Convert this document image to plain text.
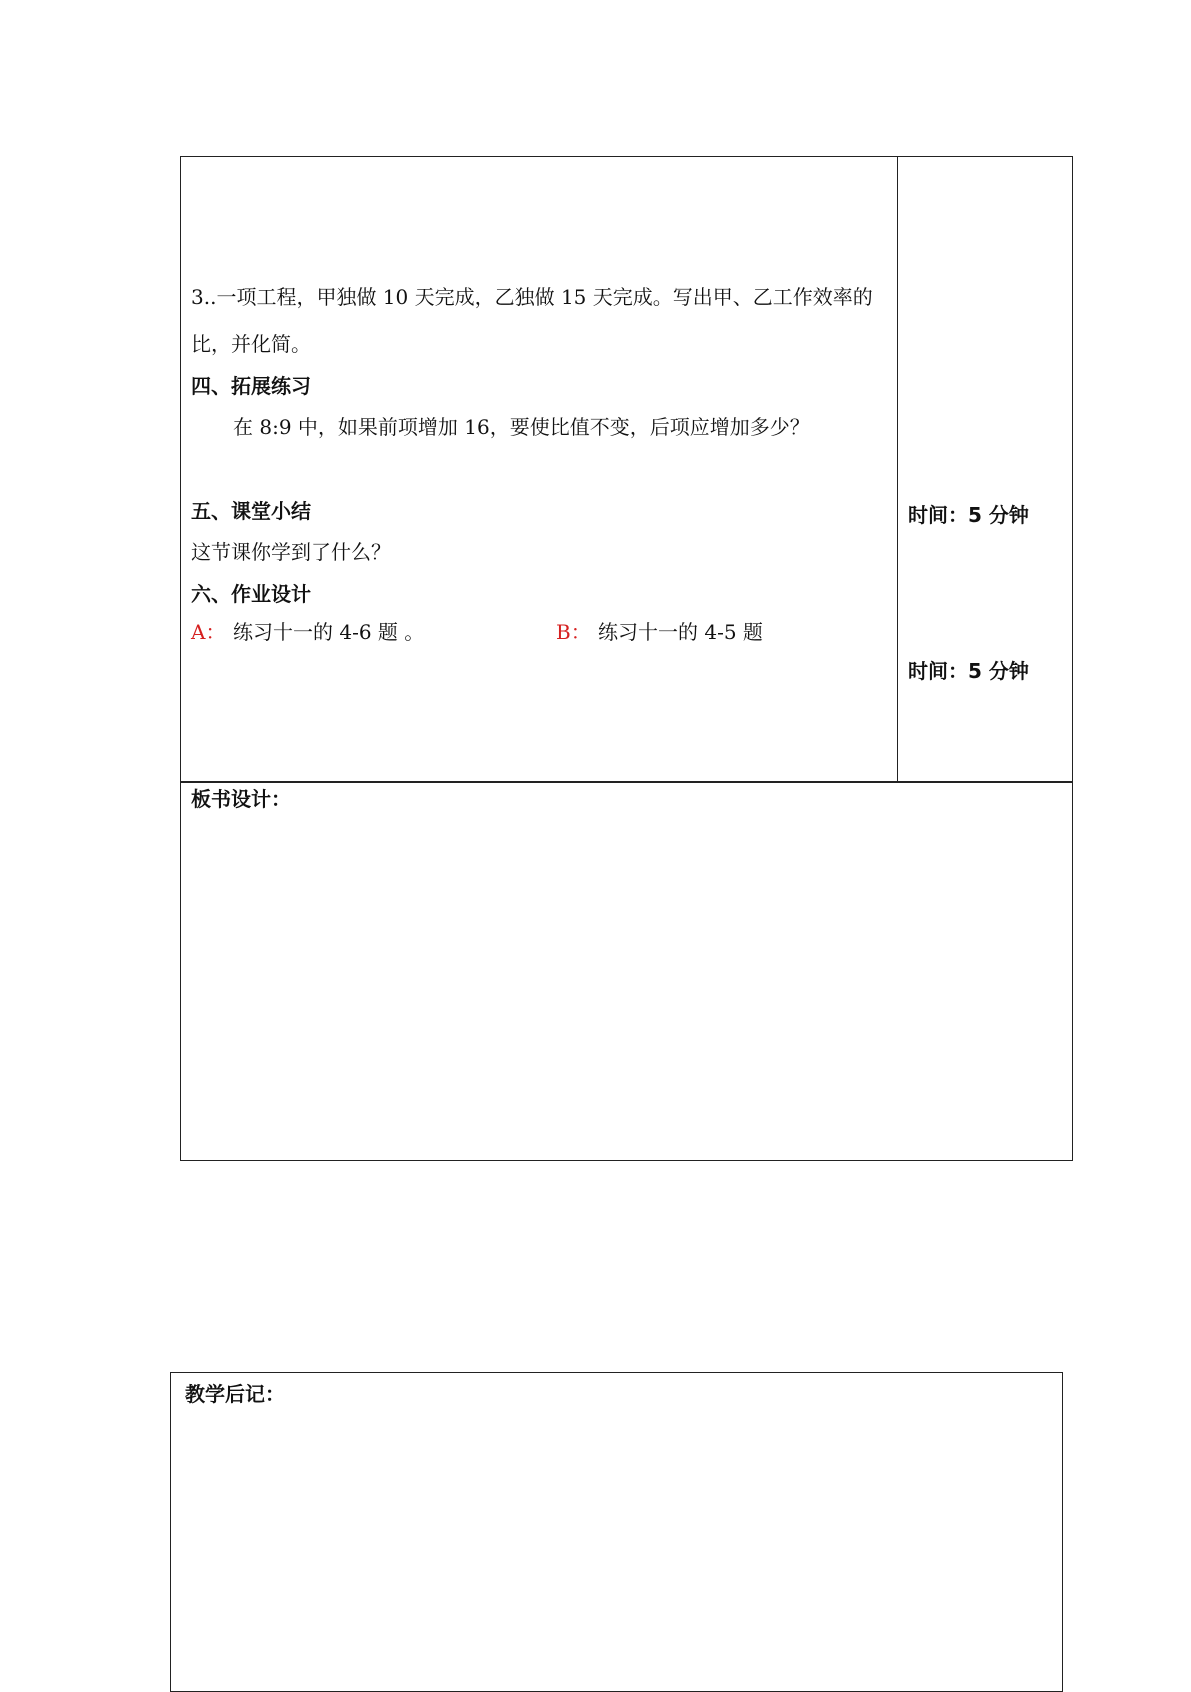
3..一项工程，甲独做 10 天完成，乙独做 15 天完成。写出甲、乙工作效率的
比，并化简。
四、拓展练习
在 8:9 中，如果前项增加 16，要使比值不变，后项应增加多少？
五、课堂小结
这节课你学到了什么？
六、作业设计
A： 练习十一的 4-6 题 。	B： 练习十一的 4-5 题
时间：5 分钟
时间：5 分钟
板书设计：
教学后记：
